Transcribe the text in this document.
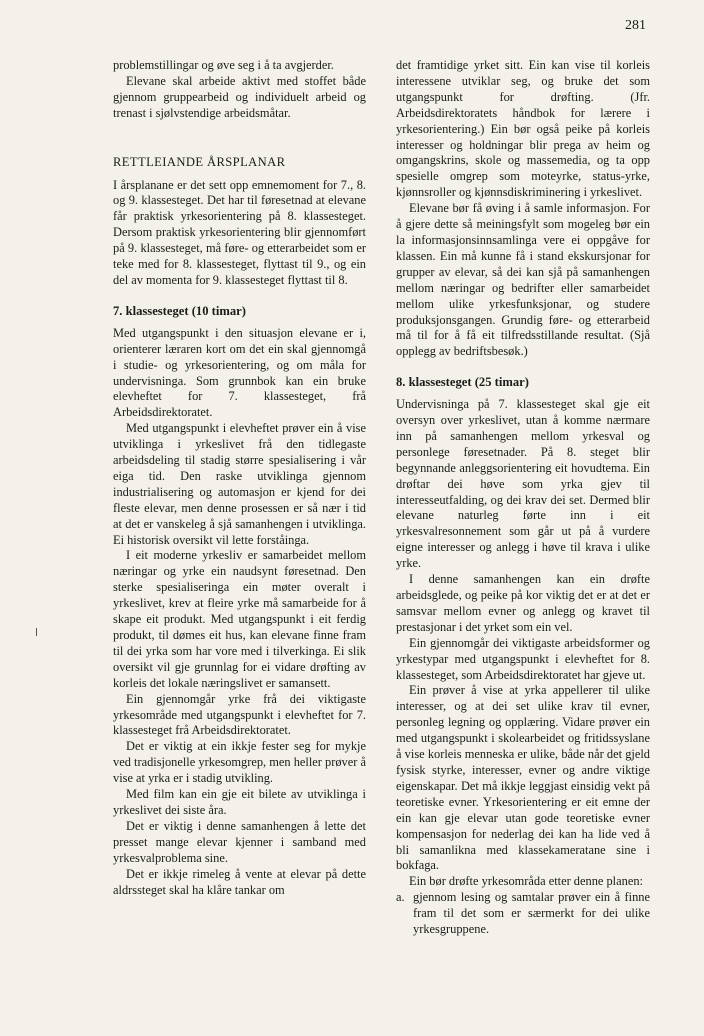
281

problemstillingar og øve seg i å ta avgjerder.

Elevane skal arbeide aktivt med stoffet både gjennom gruppearbeid og individuelt arbeid og trenast i sjølvstendige arbeidsmåtar.

RETTLEIANDE ÅRSPLANAR

I årsplanane er det sett opp emnemoment for 7., 8. og 9. klassesteget. Det har til føresetnad at elevane får praktisk yrkesorientering på 8. klassesteget. Dersom praktisk yrkesorientering blir gjennomført på 9. klassesteget, må føre- og etterarbeidet som er teke med for 8. klassesteget, flyttast til 9., og ein del av momenta for 9. klassesteget flyttast til 8.

7. klassesteget (10 timar)

Med utgangspunkt i den situasjon elevane er i, orienterer læraren kort om det ein skal gjennomgå i studie- og yrkesorientering, og om måla for undervisninga. Som grunnbok kan ein bruke elevheftet for 7. klassesteget, frå Arbeidsdirektoratet.

Med utgangspunkt i elevheftet prøver ein å vise utviklinga i yrkeslivet frå den tidlegaste arbeidsdeling til stadig større spesialisering i vår eiga tid. Den raske utviklinga gjennom industrialisering og automasjon er kjend for dei fleste elevar, men denne prosessen er så nær i tid at det er vanskeleg å sjå samanhengen i utviklinga. Ei historisk oversikt vil lette forståinga.

I eit moderne yrkesliv er samarbeidet mellom næringar og yrke ein naudsynt føresetnad. Den sterke spesialiseringa ein møter overalt i yrkeslivet, krev at fleire yrke må samarbeide for å skape eit produkt. Med utgangspunkt i eit ferdig produkt, til dømes eit hus, kan elevane finne fram til dei yrka som har vore med i tilverkinga. Ei slik oversikt vil gje grunnlag for ei vidare drøfting av korleis det lokale næringslivet er samansett.

Ein gjennomgår yrke frå dei viktigaste yrkesområde med utgangspunkt i elevheftet for 7. klassesteget frå Arbeidsdirektoratet.

Det er viktig at ein ikkje fester seg for mykje ved tradisjonelle yrkesomgrep, men heller prøver å vise at yrka er i stadig utvikling.

Med film kan ein gje eit bilete av utviklinga i yrkeslivet dei siste åra.

Det er viktig i denne samanhengen å lette det presset mange elevar kjenner i samband med yrkesvalproblema sine.

Det er ikkje rimeleg å vente at elevar på dette aldrssteget skal ha klåre tankar om

det framtidige yrket sitt. Ein kan vise til korleis interessene utviklar seg, og bruke det som utgangspunkt for drøfting. (Jfr. Arbeidsdirektoratets håndbok for lærere i yrkesorientering.) Ein bør også peike på korleis interesser og holdningar blir prega av heim og omgangskrins, skole og massemedia, og ta opp spesielle omgrep som moteyrke, status-yrke, kjønnsroller og kjønnsdiskriminering i yrkeslivet.

Elevane bør få øving i å samle informasjon. For å gjere dette så meiningsfylt som mogeleg bør ein la informasjonsinnsamlinga vere ei oppgåve for klassen. Ein må kunne få i stand ekskursjonar for grupper av elevar, så dei kan sjå på samanhengen mellom næringar og bedrifter eller samarbeidet mellom ulike yrkesfunksjonar, og studere produksjonsgangen. Grundig føre- og etterarbeid må til for å få eit tilfredsstillande resultat. (Sjå opplegg av bedriftsbesøk.)

8. klassesteget (25 timar)

Undervisninga på 7. klassesteget skal gje eit oversyn over yrkeslivet, utan å komme nærmare inn på samanhengen mellom yrkesval og personlege føresetnader. På 8. steget blir begynnande anleggsorientering eit hovudtema. Ein drøftar dei høve som yrka gjev til interesseutfalding, og dei krav dei set. Dermed blir elevane naturleg førte inn i eit yrkesvalresonnement som går ut på å vurdere eigne interesser og anlegg i høve til krava i ulike yrke.

I denne samanhengen kan ein drøfte arbeidsglede, og peike på kor viktig det er at det er samsvar mellom evner og anlegg og kravet til prestasjonar i det yrket som ein vel.

Ein gjennomgår dei viktigaste arbeidsformer og yrkestypar med utgangspunkt i elevheftet for 8. klassesteget, som Arbeidsdirektoratet har gjeve ut.

Ein prøver å vise at yrka appellerer til ulike interesser, og at dei set ulike krav til evner, personleg legning og opplæring. Vidare prøver ein med utgangspunkt i skolearbeidet og fritidssyslane å vise korleis menneska er ulike, både når det gjeld fysisk styrke, interesser, evner og andre viktige eigenskapar. Det må ikkje leggjast einsidig vekt på teoretiske evner. Yrkesorientering er eit emne der ein kan gje elevar utan gode teoretiske evner kompensasjon for nederlag dei kan ha lide ved å bli samanlikna med klassekameratane sine i bokfaga.

Ein bør drøfte yrkesområda etter denne planen:

a. gjennom lesing og samtalar prøver ein å finne fram til det som er særmerkt for dei ulike yrkesgruppene.
